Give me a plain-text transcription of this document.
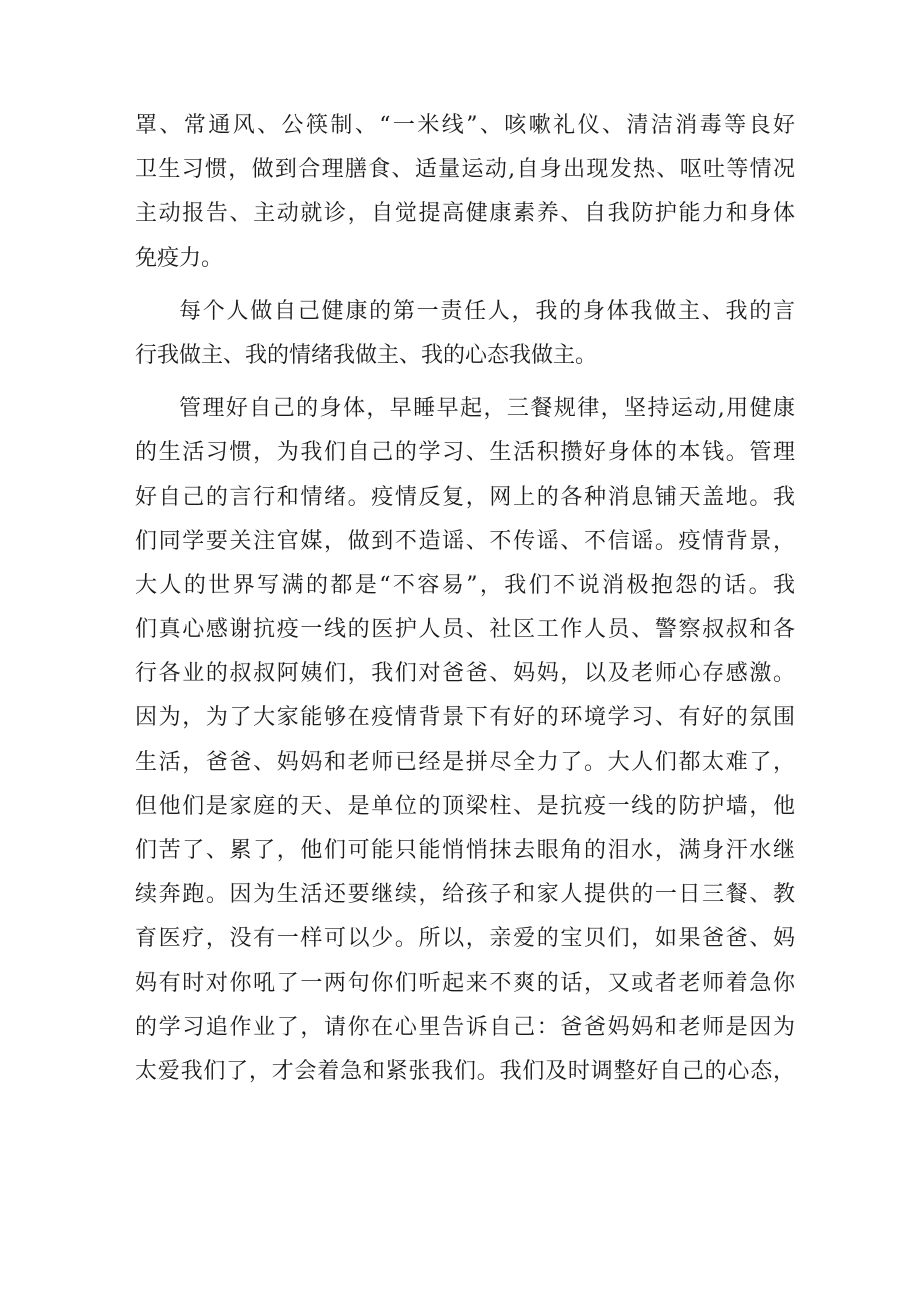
罩、常通风、公筷制、“一米线”、咳嗽礼仪、清洁消毒等良好
卫生习惯，做到合理膳食、适量运动,自身出现发热、呕吐等情况
主动报告、主动就诊，自觉提高健康素养、自我防护能力和身体
免疫力。
每个人做自己健康的第一责任人，我的身体我做主、我的言
行我做主、我的情绪我做主、我的心态我做主。
管理好自己的身体，早睡早起，三餐规律，坚持运动,用健康
的生活习惯，为我们自己的学习、生活积攒好身体的本钱。管理
好自己的言行和情绪。疫情反复，网上的各种消息铺天盖地。我
们同学要关注官媒，做到不造谣、不传谣、不信谣。疫情背景，
大人的世界写满的都是“不容易”，我们不说消极抱怨的话。我
们真心感谢抗疫一线的医护人员、社区工作人员、警察叔叔和各
行各业的叔叔阿姨们，我们对爸爸、妈妈，以及老师心存感激。
因为，为了大家能够在疫情背景下有好的环境学习、有好的氛围
生活，爸爸、妈妈和老师已经是拼尽全力了。大人们都太难了，
但他们是家庭的天、是单位的顶梁柱、是抗疫一线的防护墙，他
们苦了、累了，他们可能只能悄悄抹去眼角的泪水，满身汗水继
续奔跑。因为生活还要继续，给孩子和家人提供的一日三餐、教
育医疗，没有一样可以少。所以，亲爱的宝贝们，如果爸爸、妈
妈有时对你吼了一两句你们听起来不爽的话，又或者老师着急你
的学习追作业了，请你在心里告诉自己：爸爸妈妈和老师是因为
太爱我们了，才会着急和紧张我们。我们及时调整好自己的心态，
